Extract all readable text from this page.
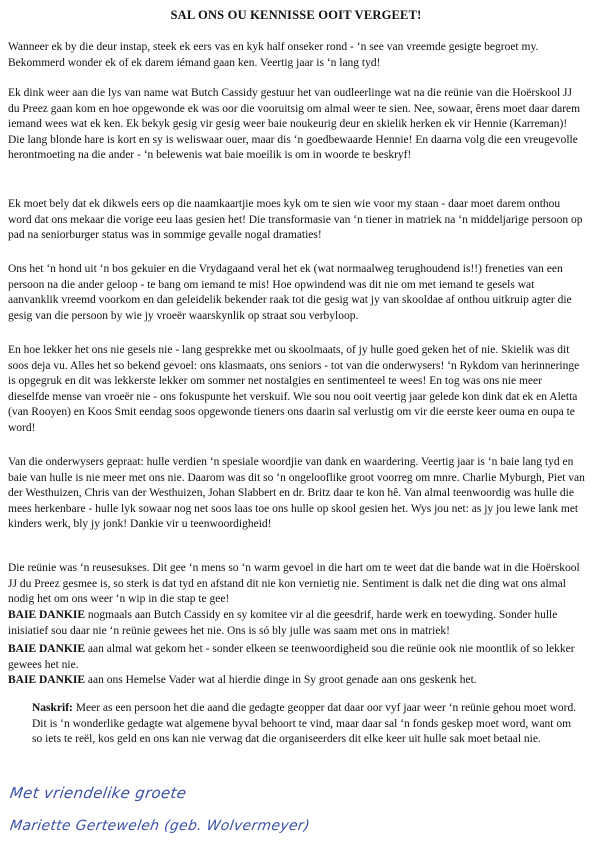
SAL ONS OU KENNISSE OOIT VERGEET!

Wanneer ek by die deur instap, steek ek eers vas en kyk half onseker rond - ‘n see van vreemde gesigte begroet my. Bekommerd wonder ek of ek darem iémand gaan ken. Veertig jaar is ‘n lang tyd!

Ek dink weer aan die lys van name wat Butch Cassidy gestuur het van oudleerlinge wat na die reünie van die Hoërskool JJ du Preez gaan kom en hoe opgewonde ek was oor die vooruitsig om almal weer te sien. Nee, sowaar, êrens moet daar darem iemand wees wat ek ken. Ek bekyk gesig vir gesig weer baie noukeurig deur en skielik herken ek vir Hennie (Karreman)! Die lang blonde hare is kort en sy is weliswaar ouer, maar dis ‘n goedbewaarde Hennie! En daarna volg die een vreugevolle herontmoeting na die ander - ‘n belewenis wat baie moeilik is om in woorde te beskryf!

Ek moet bely dat ek dikwels eers op die naamkaartjie moes kyk om te sien wie voor my staan - daar moet darem onthou word dat ons mekaar die vorige eeu laas gesien het! Die transformasie van ‘n tiener in matriek na ‘n middeljarige persoon op pad na seniorburger status was in sommige gevalle nogal dramaties!

Ons het ‘n hond uit ‘n bos gekuier en die Vrydagaand veral het ek (wat normaalweg terughoudend is!!) freneties van een persoon na die ander geloop - te bang om iemand te mis! Hoe opwindend was dit nie om met iemand te gesels wat aanvanklik vreemd voorkom en dan geleidelik bekender raak tot die gesig wat jy van skooldae af onthou uitkruip agter die gesig van die persoon by wie jy vroeër waarskynlik op straat sou verbyloop.

En hoe lekker het ons nie gesels nie - lang gesprekke met ou skoolmaats, of jy hulle goed geken het of nie. Skielik was dit soos deja vu. Alles het so bekend gevoel: ons klasmaats, ons seniors - tot van die onderwysers! ‘n Rykdom van herinneringe is opgegruk en dit was lekkerste lekker om sommer net nostalgies en sentimenteel te wees! En tog was ons nie meer dieselfde mense van vroeër nie - ons fokuspunte het verskuif. Wie sou nou ooit veertig jaar gelede kon dink dat ek en Aletta (van Rooyen) en Koos Smit eendag soos opgewonde tieners ons daarin sal verlustig om vir die eerste keer ouma en oupa te word!

Van die onderwysers gepraat: hulle verdien ‘n spesiale woordjie van dank en waardering. Veertig jaar is ‘n baie lang tyd en baie van hulle is nie meer met ons nie. Daarom was dit so ‘n ongelooflike groot voorreg om mnre. Charlie Myburgh, Piet van der Westhuizen, Chris van der Westhuizen, Johan Slabbert en dr. Britz daar te kon hê. Van almal teenwoordig was hulle die mees herkenbare - hulle lyk sowaar nog net soos laas toe ons hulle op skool gesien het. Wys jou net: as jy jou lewe lank met kinders werk, bly jy jonk! Dankie vir u teenwoordigheid!

Die reünie was ‘n reusesukses. Dit gee ‘n mens so ‘n warm gevoel in die hart om te weet dat die bande wat in die Hoërskool JJ du Preez gesmee is, so sterk is dat tyd en afstand dit nie kon vernietig nie. Sentiment is dalk net die ding wat ons almal nodig het om ons weer ‘n wip in die stap te gee!

BAIE DANKIE nogmaals aan Butch Cassidy en sy komitee vir al die geesdrif, harde werk en toewyding. Sonder hulle inisiatief sou daar nie ‘n reünie gewees het nie. Ons is só bly julle was saam met ons in matriek!

BAIE DANKIE aan almal wat gekom het - sonder elkeen se teenwoordigheid sou die reünie ook nie moontlik of so lekker gewees het nie.

BAIE DANKIE aan ons Hemelse Vader wat al hierdie dinge in Sy groot genade aan ons geskenk het.

Naskrif: Meer as een persoon het die aand die gedagte geopper dat daar oor vyf jaar weer ‘n reünie gehou moet word. Dit is ‘n wonderlike gedagte wat algemene byval behoort te vind, maar daar sal ‘n fonds geskep moet word, want om so iets te reël, kos geld en ons kan nie verwag dat die organiseerders dit elke keer uit hulle sak moet betaal nie.

Met vriendelike groete
Mariette Gerteweleh (geb. Wolvermeyer)
